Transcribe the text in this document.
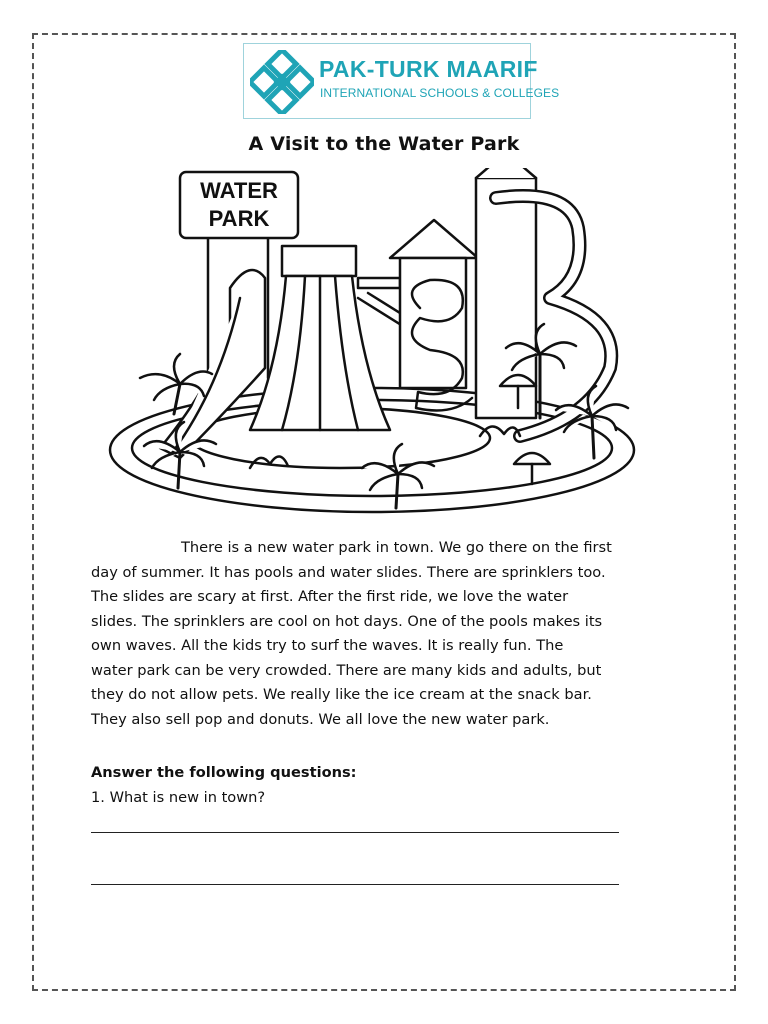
PAK-TURK MAARIF
INTERNATIONAL SCHOOLS & COLLEGES
A Visit to the Water Park
WATER
PARK
There is a new water park in town. We go there on the first
day of summer. It has pools and water slides. There are sprinklers too.
The slides are scary at first. After the first ride, we love the water
slides. The sprinklers are cool on hot days. One of the pools makes its
own waves. All the kids try to surf the waves. It is really fun. The
water park can be very crowded. There are many kids and adults, but
they do not allow pets. We really like the ice cream at the snack bar.
They also sell pop and donuts. We all love the new water park.
Answer the following questions:
1. What is new in town?
